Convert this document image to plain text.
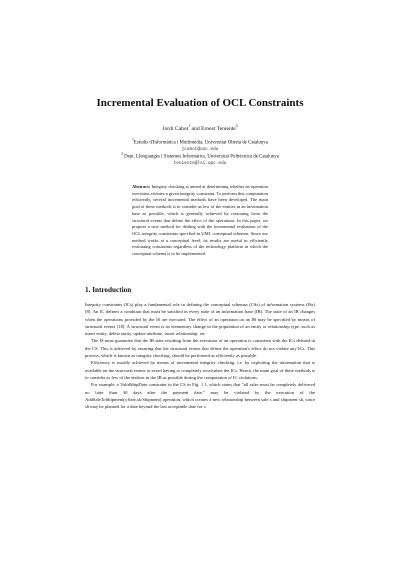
Incremental Evaluation of OCL Constraints
Jordi Cabot$^1$ and Ernest Teniente$^2$
$^1$Estudis d'Informàtica i Multimèdia, Universitat Oberta de Catalunya
jcabot@uoc.edu
$^2$ Dept. Llenguatges i Sistemes Informàtics, Universitat Politècnica de Catalunya
teniente@lsi.upc.edu
Abstract: Integrity checking is aimed at determining whether an operation execution violates a given integrity constraint. To perform this computation efficiently, several incremental methods have been developed. The main goal of these methods is to consider as few of the entities in an information base as possible, which is generally achieved by reasoning from the structural events that define the effect of the operations. In this paper, we propose a new method for dealing with the incremental evaluation of the OCL integrity constraints specified in UML conceptual schemas. Since our method works at a conceptual level, its results are useful in efficiently evaluating constraints regardless of the technology platform in which the conceptual schema is to be implemented.
1. Introduction

Integrity constraints (ICs) play a fundamental role in defining the conceptual schemas (CSs) of information systems (ISs) [8]. An IC defines a condition that must be satisfied in every state of an information base (IB). The state of an IB changes when the operations provided by the IS are executed. The effect of an operation on an IB may be specified by means of structural events [18]. A structural event is an elementary change in the population of an entity or relationship type, such as insert entity, delete entity, update attribute, insert relationship, etc.

The IS must guarantee that the IB state resulting from the execution of an operation is consistent with the ICs defined in the CS. This is achieved by ensuring that the structural events that define the operation's effect do not violate any ICs. This process, which is known as integrity checking, should be performed as efficiently as possible.

Efficiency is usually achieved by means of incremental integrity checking, i.e. by exploiting the information that is available on the structural events to avoid having to completely recalculate the ICs. Hence, the main goal of these methods is to consider as few of the entities in the IB as possible during the computation of IC violations.

For example, a ValidShipDate constraint in the CS in Fig. 1.1, which states that "all sales must be completely delivered no later than 30 days after the payment date," may be violated by the execution of the AddSaleToShipment(s:Sale,sh:Shipment) operation, which creates a new relationship between sale s and shipment sh, since sh may be planned for a date beyond the last acceptable date for s.
